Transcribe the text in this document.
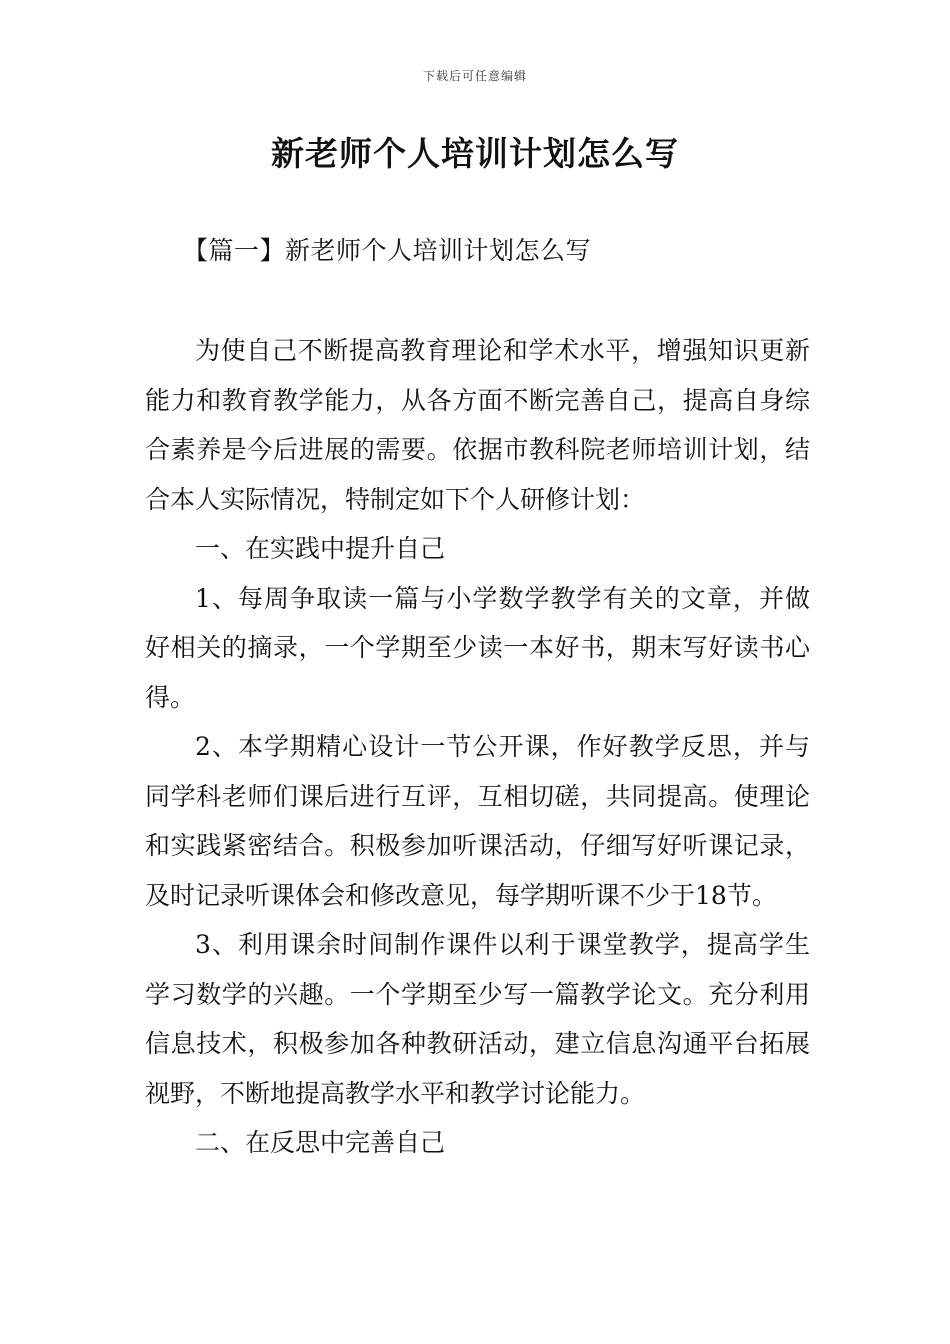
下载后可任意编辑
新老师个人培训计划怎么写
【篇一】新老师个人培训计划怎么写

为使自己不断提高教育理论和学术水平，增强知识更新能力和教育教学能力，从各方面不断完善自己，提高自身综合素养是今后进展的需要。依据市教科院老师培训计划，结合本人实际情况，特制定如下个人研修计划：

一、在实践中提升自己

1、每周争取读一篇与小学数学教学有关的文章，并做好相关的摘录，一个学期至少读一本好书，期末写好读书心得。

2、本学期精心设计一节公开课，作好教学反思，并与同学科老师们课后进行互评，互相切磋，共同提高。使理论和实践紧密结合。积极参加听课活动，仔细写好听课记录，及时记录听课体会和修改意见，每学期听课不少于18节。

3、利用课余时间制作课件以利于课堂教学，提高学生学习数学的兴趣。一个学期至少写一篇教学论文。充分利用信息技术，积极参加各种教研活动，建立信息沟通平台拓展视野，不断地提高教学水平和教学讨论能力。

二、在反思中完善自己
